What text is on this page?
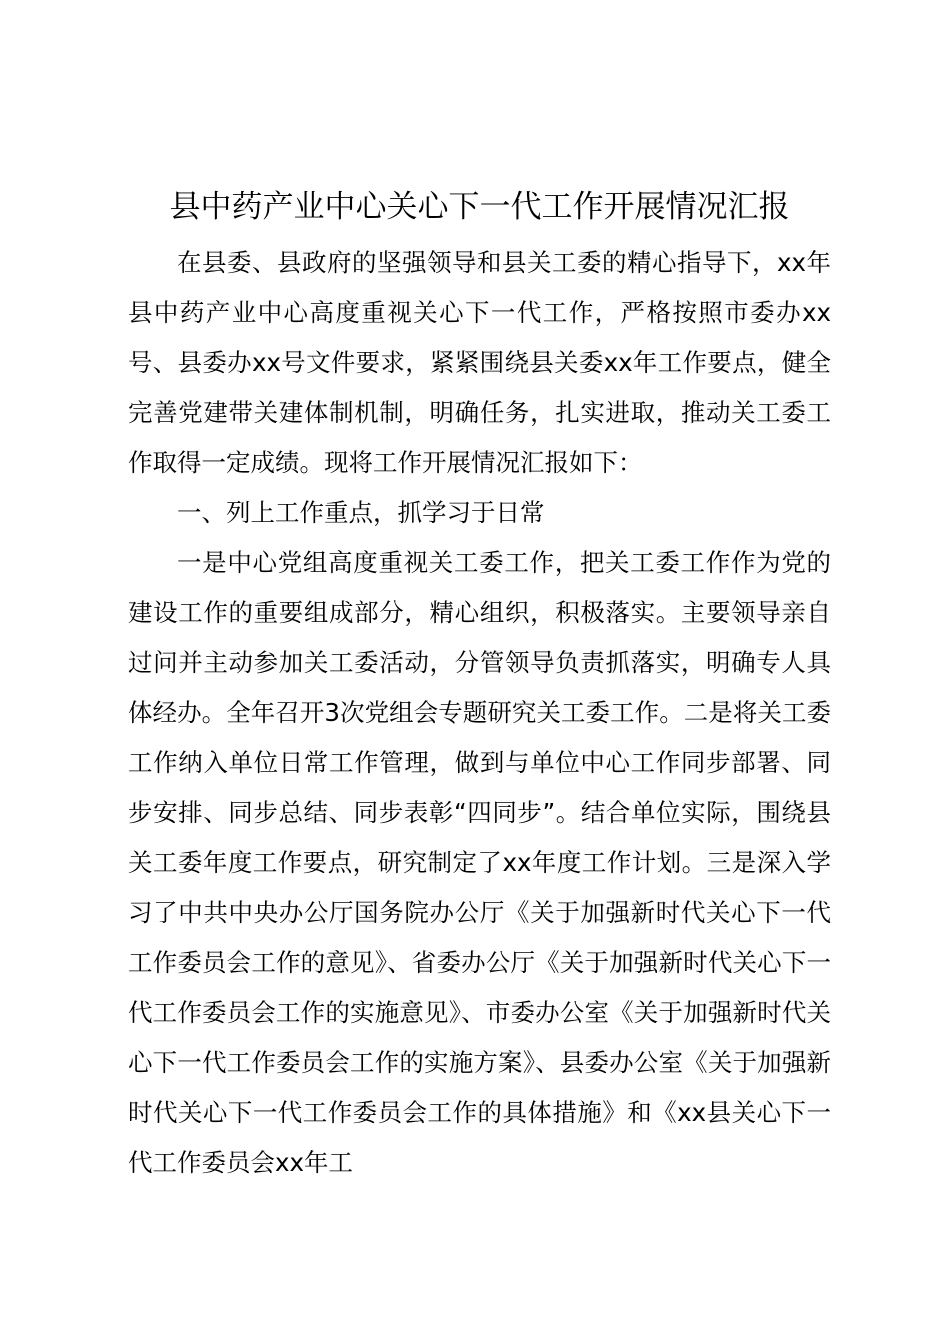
县中药产业中心关心下一代工作开展情况汇报

在县委、县政府的坚强领导和县关工委的精心指导下，xx年县中药产业中心高度重视关心下一代工作，严格按照市委办xx号、县委办xx号文件要求，紧紧围绕县关委xx年工作要点，健全完善党建带关建体制机制，明确任务，扎实进取，推动关工委工作取得一定成绩。现将工作开展情况汇报如下：

一、列上工作重点，抓学习于日常

一是中心党组高度重视关工委工作，把关工委工作作为党的建设工作的重要组成部分，精心组织，积极落实。主要领导亲自过问并主动参加关工委活动，分管领导负责抓落实，明确专人具体经办。全年召开3次党组会专题研究关工委工作。二是将关工委工作纳入单位日常工作管理，做到与单位中心工作同步部署、同步安排、同步总结、同步表彰“四同步”。结合单位实际，围绕县关工委年度工作要点，研究制定了xx年度工作计划。三是深入学习了中共中央办公厅国务院办公厅《关于加强新时代关心下一代工作委员会工作的意见》、省委办公厅《关于加强新时代关心下一代工作委员会工作的实施意见》、市委办公室《关于加强新时代关心下一代工作委员会工作的实施方案》、县委办公室《关于加强新时代关心下一代工作委员会工作的具体措施》和《xx县关心下一代工作委员会xx年工
